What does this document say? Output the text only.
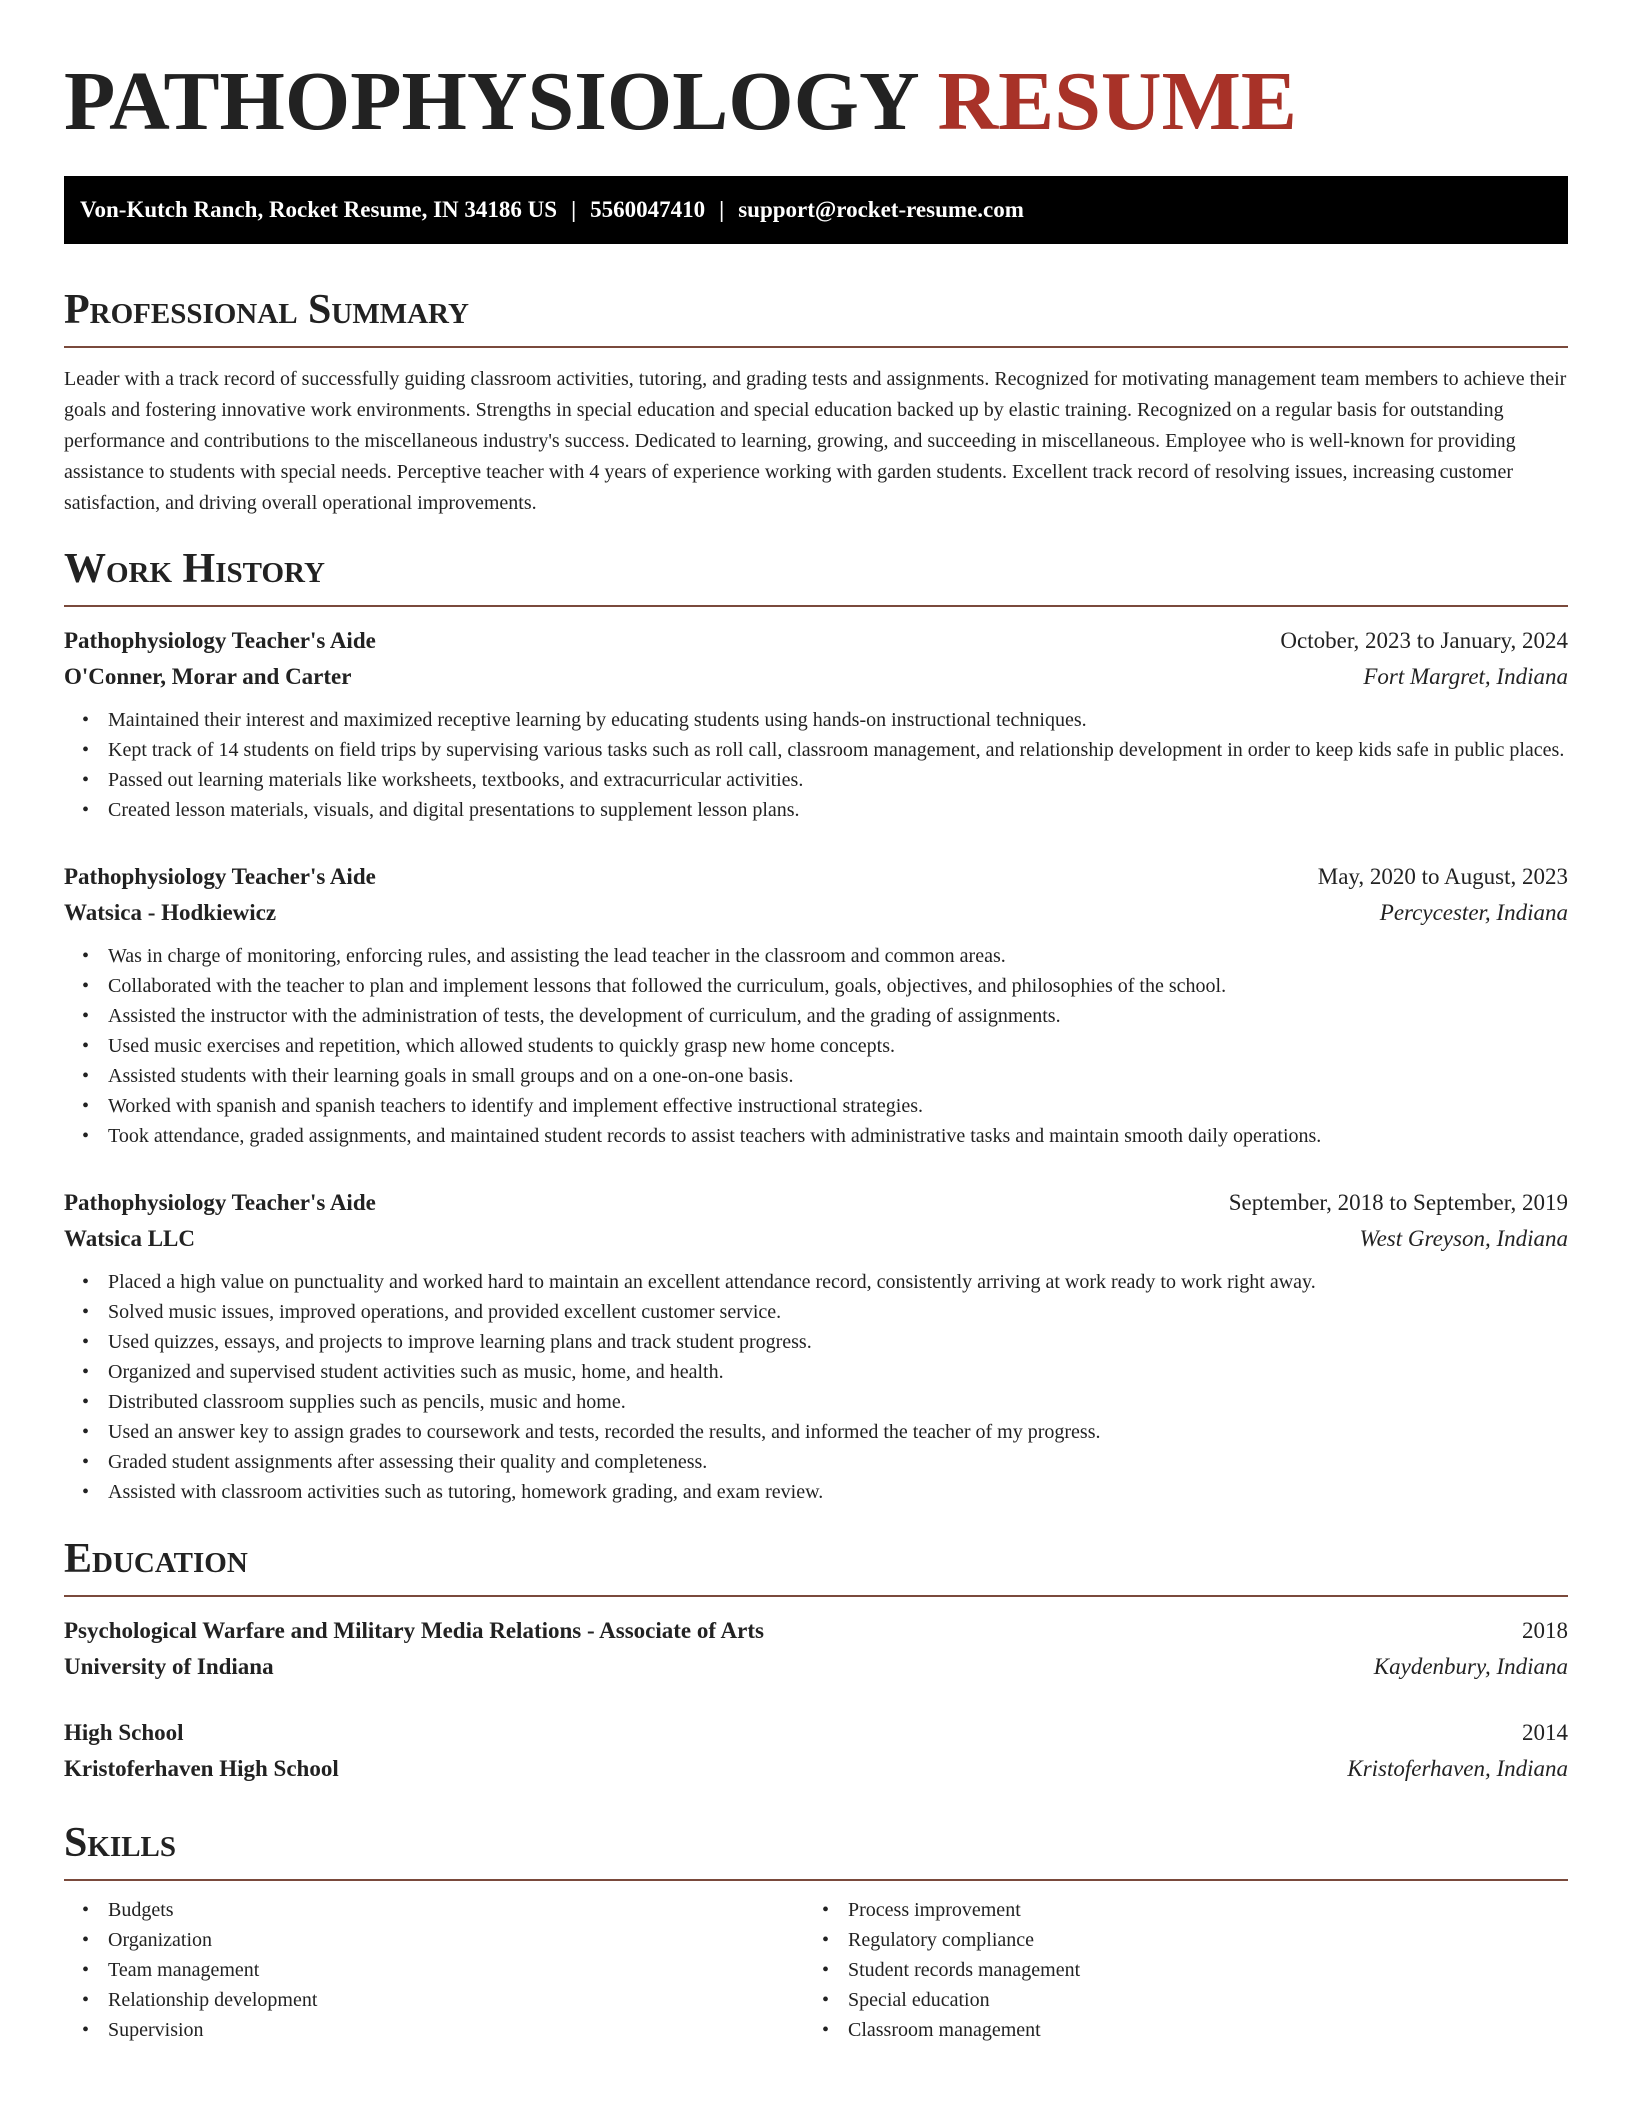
PATHOPHYSIOLOGY RESUME
Von-Kutch Ranch, Rocket Resume, IN 34186 US | 5560047410 | support@rocket-resume.com
Professional Summary

Leader with a track record of successfully guiding classroom activities, tutoring, and grading tests and assignments. Recognized for motivating management team members to achieve their goals and fostering innovative work environments. Strengths in special education and special education backed up by elastic training. Recognized on a regular basis for outstanding performance and contributions to the miscellaneous industry's success. Dedicated to learning, growing, and succeeding in miscellaneous. Employee who is well-known for providing assistance to students with special needs. Perceptive teacher with 4 years of experience working with garden students. Excellent track record of resolving issues, increasing customer satisfaction, and driving overall operational improvements.

Work History
Pathophysiology Teacher's Aide	October, 2023 to January, 2024
O'Conner, Morar and Carter	Fort Margret, Indiana
• Maintained their interest and maximized receptive learning by educating students using hands-on instructional techniques.
• Kept track of 14 students on field trips by supervising various tasks such as roll call, classroom management, and relationship development in order to keep kids safe in public places.
• Passed out learning materials like worksheets, textbooks, and extracurricular activities.
• Created lesson materials, visuals, and digital presentations to supplement lesson plans.
Pathophysiology Teacher's Aide	May, 2020 to August, 2023
Watsica - Hodkiewicz	Percycester, Indiana
• Was in charge of monitoring, enforcing rules, and assisting the lead teacher in the classroom and common areas.
• Collaborated with the teacher to plan and implement lessons that followed the curriculum, goals, objectives, and philosophies of the school.
• Assisted the instructor with the administration of tests, the development of curriculum, and the grading of assignments.
• Used music exercises and repetition, which allowed students to quickly grasp new home concepts.
• Assisted students with their learning goals in small groups and on a one-on-one basis.
• Worked with spanish and spanish teachers to identify and implement effective instructional strategies.
• Took attendance, graded assignments, and maintained student records to assist teachers with administrative tasks and maintain smooth daily operations.
Pathophysiology Teacher's Aide	September, 2018 to September, 2019
Watsica LLC	West Greyson, Indiana
• Placed a high value on punctuality and worked hard to maintain an excellent attendance record, consistently arriving at work ready to work right away.
• Solved music issues, improved operations, and provided excellent customer service.
• Used quizzes, essays, and projects to improve learning plans and track student progress.
• Organized and supervised student activities such as music, home, and health.
• Distributed classroom supplies such as pencils, music and home.
• Used an answer key to assign grades to coursework and tests, recorded the results, and informed the teacher of my progress.
• Graded student assignments after assessing their quality and completeness.
• Assisted with classroom activities such as tutoring, homework grading, and exam review.
Education
Psychological Warfare and Military Media Relations - Associate of Arts	2018
University of Indiana	Kaydenbury, Indiana
High School	2014
Kristoferhaven High School	Kristoferhaven, Indiana
Skills
• Budgets
• Organization
• Team management
• Relationship development
• Supervision
• Process improvement
• Regulatory compliance
• Student records management
• Special education
• Classroom management
